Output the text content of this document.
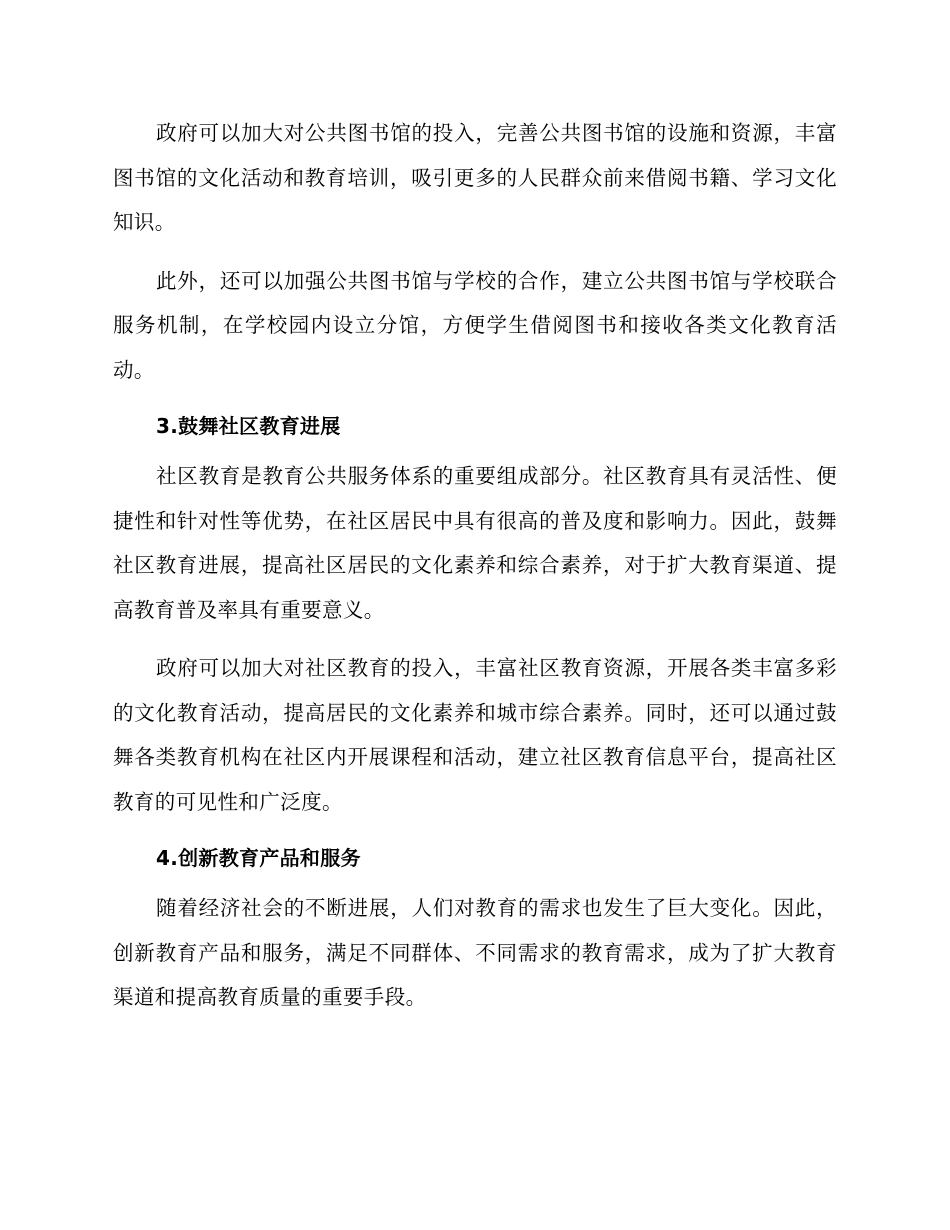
政府可以加大对公共图书馆的投入，完善公共图书馆的设施和资源，丰富图书馆的文化活动和教育培训，吸引更多的人民群众前来借阅书籍、学习文化知识。

此外，还可以加强公共图书馆与学校的合作，建立公共图书馆与学校联合服务机制，在学校园内设立分馆，方便学生借阅图书和接收各类文化教育活动。

3.鼓舞社区教育进展

社区教育是教育公共服务体系的重要组成部分。社区教育具有灵活性、便捷性和针对性等优势，在社区居民中具有很高的普及度和影响力。因此，鼓舞社区教育进展，提高社区居民的文化素养和综合素养，对于扩大教育渠道、提高教育普及率具有重要意义。

政府可以加大对社区教育的投入，丰富社区教育资源，开展各类丰富多彩的文化教育活动，提高居民的文化素养和城市综合素养。同时，还可以通过鼓舞各类教育机构在社区内开展课程和活动，建立社区教育信息平台，提高社区教育的可见性和广泛度。

4.创新教育产品和服务

随着经济社会的不断进展，人们对教育的需求也发生了巨大变化。因此，创新教育产品和服务，满足不同群体、不同需求的教育需求，成为了扩大教育渠道和提高教育质量的重要手段。
